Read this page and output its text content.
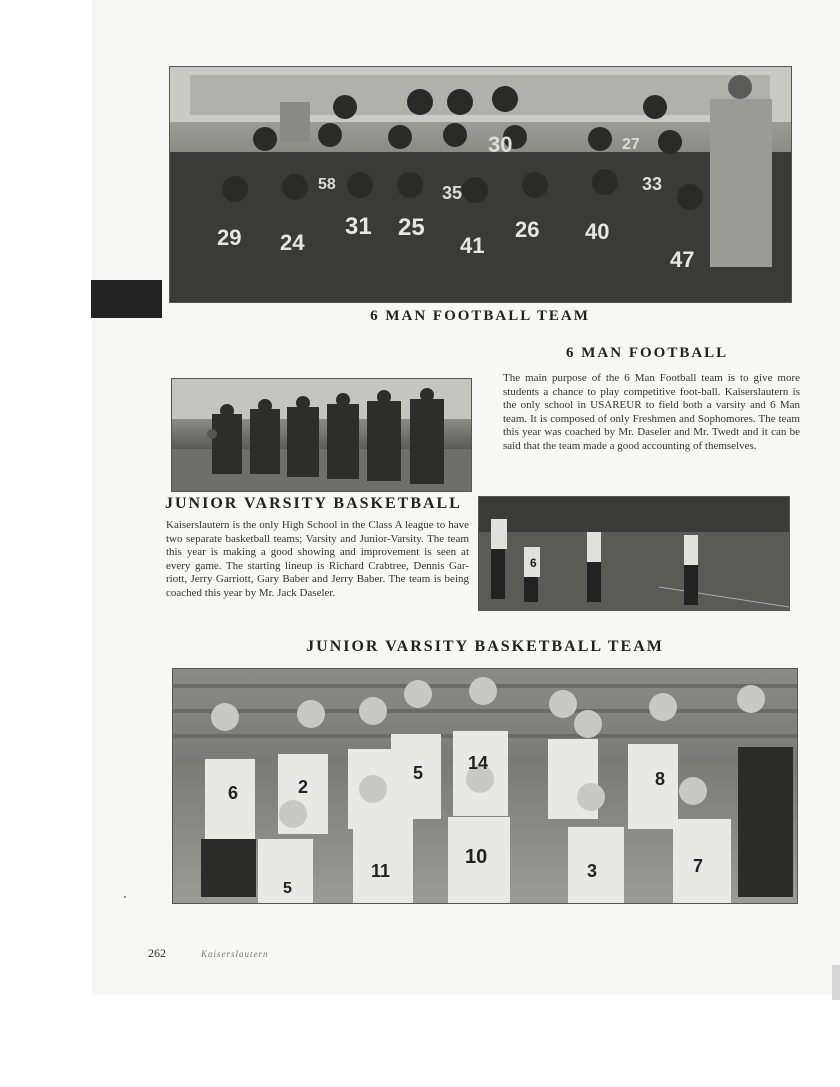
29 24
31 25
41
26 40
47
58	35
30
33
27
6 MAN FOOTBALL TEAM
6 MAN FOOTBALL
The main purpose of the 6 Man Football team is to give more students a chance to play competitive foot-ball. Kaiserslautern is the only school in USAREUR to field both a varsity and 6 Man team. It is composed of only Freshmen and Sophomores. The team this year was coached by Mr. Daseler and Mr. Twedt and it can be said that the team made a good accounting of themselves.
JUNIOR VARSITY BASKETBALL
Kaiserslautern is the only High School in the Class A league to have two separate basketball teams; Varsity and Junior-Varsity. The team this year is making a good showing and improvement is seen at every game. The starting lineup is Richard Crabtree, Dennis Gar-riott, Jerry Garriott, Gary Baber and Jerry Baber. The team is being coached this year by Mr. Jack Daseler.
6
JUNIOR VARSITY BASKETBALL TEAM
6	2
5 14
8
5
11
10
3	7
262	Kaiserslautern
